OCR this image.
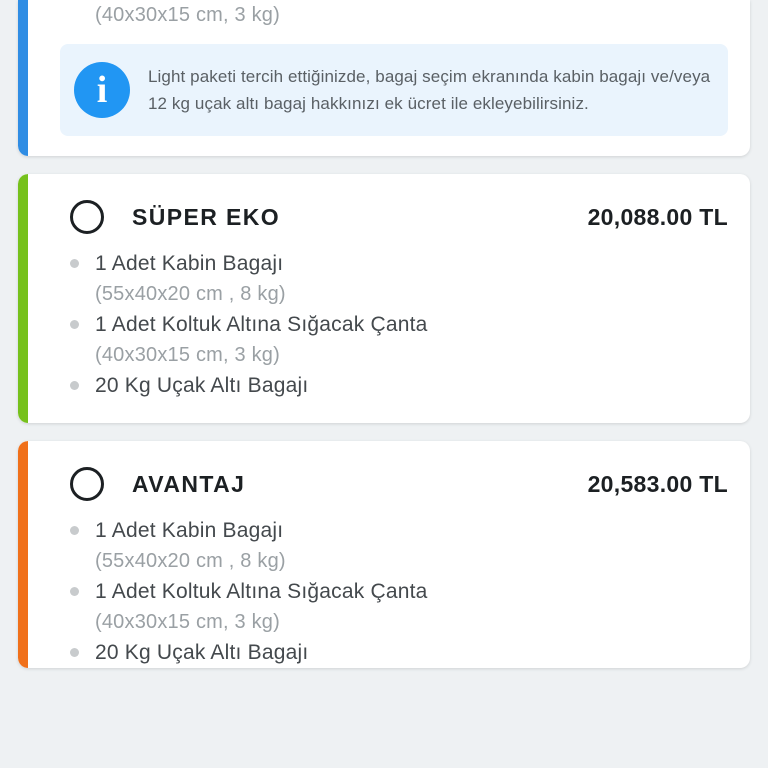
(40x30x15 cm, 3 kg)
i	Light paketi tercih ettiğinizde, bagaj seçim ekranında kabin bagajı ve/veya 12 kg uçak altı bagaj hakkınızı ek ücret ile ekleyebilirsiniz.
SÜPER EKO	20,088.00 TL
1 Adet Kabin Bagajı
(55x40x20 cm , 8 kg)
1 Adet Koltuk Altına Sığacak Çanta
(40x30x15 cm, 3 kg)
20 Kg Uçak Altı Bagajı
AVANTAJ	20,583.00 TL
1 Adet Kabin Bagajı
(55x40x20 cm , 8 kg)
1 Adet Koltuk Altına Sığacak Çanta
(40x30x15 cm, 3 kg)
20 Kg Uçak Altı Bagajı
